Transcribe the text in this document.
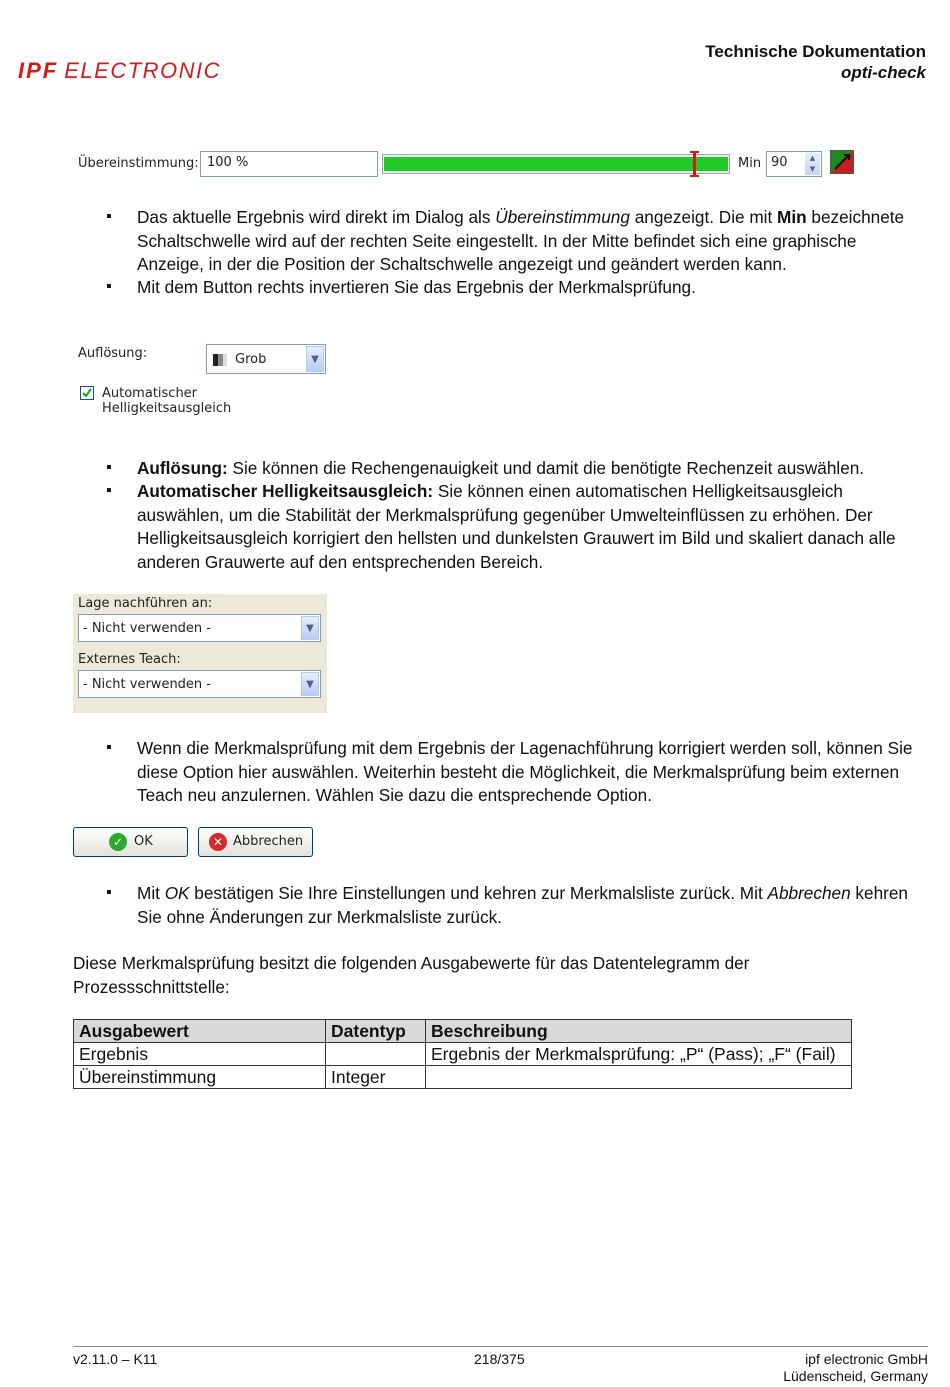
IPF ELECTRONIC
Technische Dokumentation
opti-check
Übereinstimmung: 100 %	Min 90	▲
▼
▪ Das aktuelle Ergebnis wird direkt im Dialog als Übereinstimmung angezeigt. Die mit Min bezeichnete Schaltschwelle wird auf der rechten Seite eingestellt. In der Mitte befindet sich eine graphische Anzeige, in der die Position der Schaltschwelle angezeigt und geändert werden kann.
▪ Mit dem Button rechts invertieren Sie das Ergebnis der Merkmalsprüfung.
Auflösung:	Grob	▼
Automatischer Helligkeitsausgleich
▪ Auflösung: Sie können die Rechengenauigkeit und damit die benötigte Rechenzeit auswählen.
▪ Automatischer Helligkeitsausgleich: Sie können einen automatischen Helligkeitsausgleich auswählen, um die Stabilität der Merkmalsprüfung gegenüber Umwelteinflüssen zu erhöhen. Der Helligkeitsausgleich korrigiert den hellsten und dunkelsten Grauwert im Bild und skaliert danach alle anderen Grauwerte auf den entsprechenden Bereich.
Lage nachführen an:
- Nicht verwenden -	▼
Externes Teach:
- Nicht verwenden -	▼
▪ Wenn die Merkmalsprüfung mit dem Ergebnis der Lagenachführung korrigiert werden soll, können Sie diese Option hier auswählen. Weiterhin besteht die Möglichkeit, die Merkmalsprüfung beim externen Teach neu anzulernen. Wählen Sie dazu die entsprechende Option.
✓ OK	✕ Abbrechen
▪ Mit OK bestätigen Sie Ihre Einstellungen und kehren zur Merkmalsliste zurück. Mit Abbrechen kehren Sie ohne Änderungen zur Merkmalsliste zurück.
Diese Merkmalsprüfung besitzt die folgenden Ausgabewerte für das Datentelegramm der Prozessschnittstelle:
Ausgabewert	Datentyp	Beschreibung
Ergebnis		Ergebnis der Merkmalsprüfung: „P“ (Pass); „F“ (Fail)
Übereinstimmung	Integer	
v2.11.0 – K11	218/375	ipf electronic GmbH
Lüdenscheid, Germany
